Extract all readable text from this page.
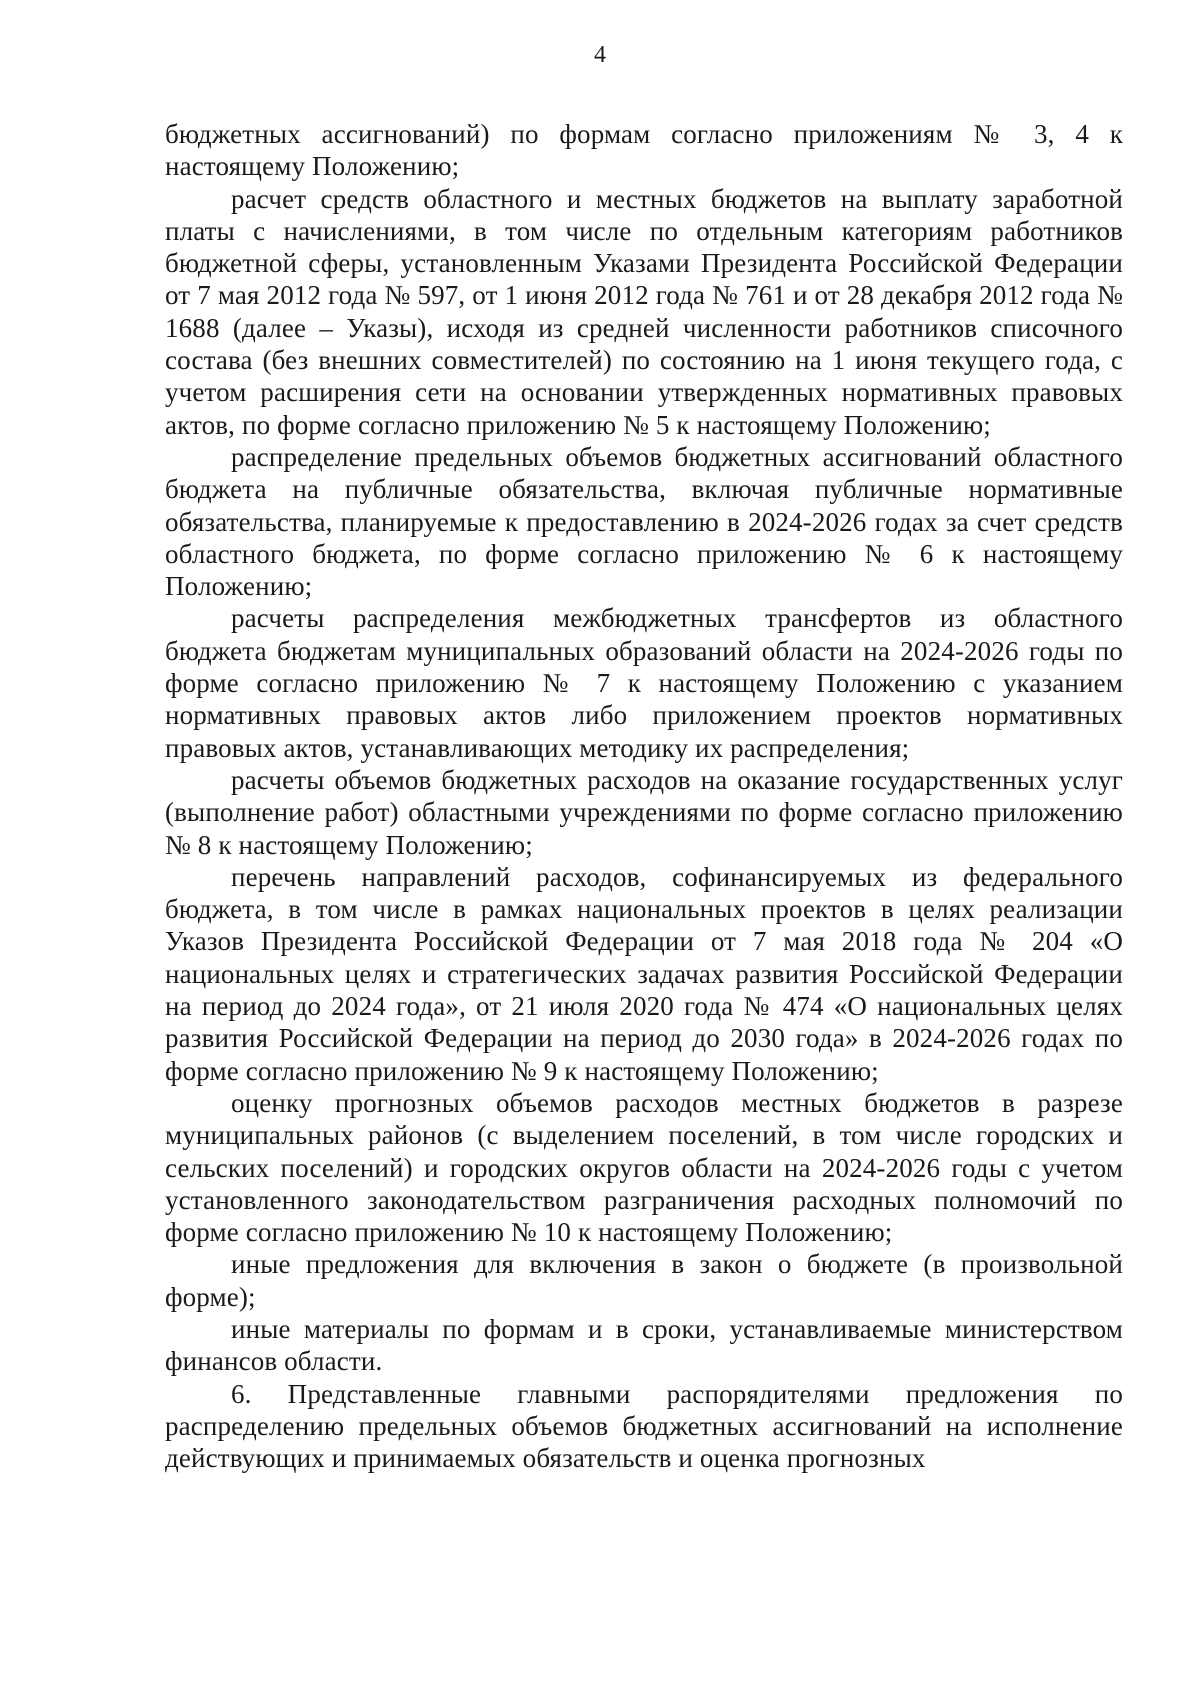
4

бюджетных ассигнований) по формам согласно приложениям № 3, 4 к настоящему Положению;

расчет средств областного и местных бюджетов на выплату заработной платы с начислениями, в том числе по отдельным категориям работников бюджетной сферы, установленным Указами Президента Российской Федерации от 7 мая 2012 года № 597, от 1 июня 2012 года № 761 и от 28 декабря 2012 года № 1688 (далее – Указы), исходя из средней численности работников списочного состава (без внешних совместителей) по состоянию на 1 июня текущего года, с учетом расширения сети на основании утвержденных нормативных правовых актов, по форме согласно приложению № 5 к настоящему Положению;

распределение предельных объемов бюджетных ассигнований областного бюджета на публичные обязательства, включая публичные нормативные обязательства, планируемые к предоставлению в 2024-2026 годах за счет средств областного бюджета, по форме согласно приложению № 6 к настоящему Положению;

расчеты распределения межбюджетных трансфертов из областного бюджета бюджетам муниципальных образований области на 2024-2026 годы по форме согласно приложению № 7 к настоящему Положению с указанием нормативных правовых актов либо приложением проектов нормативных правовых актов, устанавливающих методику их распределения;

расчеты объемов бюджетных расходов на оказание государственных услуг (выполнение работ) областными учреждениями по форме согласно приложению № 8 к настоящему Положению;

перечень направлений расходов, софинансируемых из федерального бюджета, в том числе в рамках национальных проектов в целях реализации Указов Президента Российской Федерации от 7 мая 2018 года № 204 «О национальных целях и стратегических задачах развития Российской Федерации на период до 2024 года», от 21 июля 2020 года № 474 «О национальных целях развития Российской Федерации на период до 2030 года» в 2024-2026 годах по форме согласно приложению № 9 к настоящему Положению;

оценку прогнозных объемов расходов местных бюджетов в разрезе муниципальных районов (с выделением поселений, в том числе городских и сельских поселений) и городских округов области на 2024-2026 годы с учетом установленного законодательством разграничения расходных полномочий по форме согласно приложению № 10 к настоящему Положению;

иные предложения для включения в закон о бюджете (в произвольной форме);

иные материалы по формам и в сроки, устанавливаемые министерством финансов области.

6. Представленные главными распорядителями предложения по распределению предельных объемов бюджетных ассигнований на исполнение действующих и принимаемых обязательств и оценка прогнозных
